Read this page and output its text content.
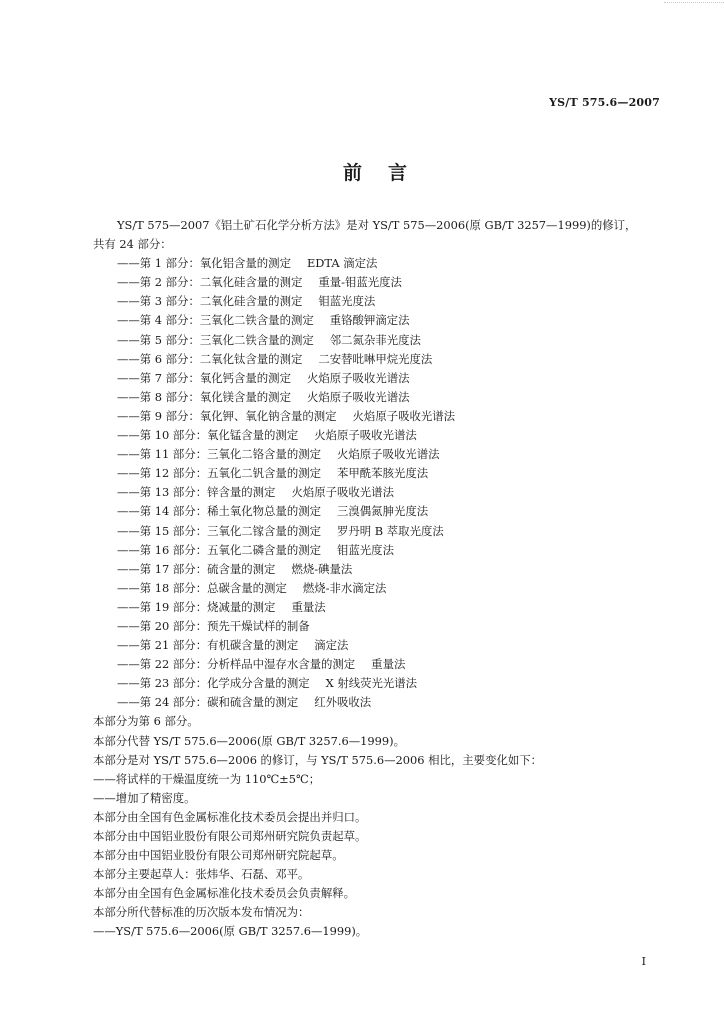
YS/T 575.6—2007
前言
YS/T 575—2007《铝土矿石化学分析方法》是对 YS/T 575—2006(原 GB/T 3257—1999)的修订，
共有 24 部分：
——第 1 部分：氧化铝含量的测定 EDTA 滴定法
——第 2 部分：二氧化硅含量的测定 重量-钼蓝光度法
——第 3 部分：二氧化硅含量的测定 钼蓝光度法
——第 4 部分：三氧化二铁含量的测定 重铬酸钾滴定法
——第 5 部分：三氧化二铁含量的测定 邻二氮杂菲光度法
——第 6 部分：二氧化钛含量的测定 二安替吡啉甲烷光度法
——第 7 部分：氧化钙含量的测定 火焰原子吸收光谱法
——第 8 部分：氧化镁含量的测定 火焰原子吸收光谱法
——第 9 部分：氧化钾、氧化钠含量的测定 火焰原子吸收光谱法
——第 10 部分：氧化锰含量的测定 火焰原子吸收光谱法
——第 11 部分：三氧化二铬含量的测定 火焰原子吸收光谱法
——第 12 部分：五氧化二钒含量的测定 苯甲酰苯胲光度法
——第 13 部分：锌含量的测定 火焰原子吸收光谱法
——第 14 部分：稀土氧化物总量的测定 三溴偶氮胂光度法
——第 15 部分：三氧化二镓含量的测定 罗丹明 B 萃取光度法
——第 16 部分：五氧化二磷含量的测定 钼蓝光度法
——第 17 部分：硫含量的测定 燃烧-碘量法
——第 18 部分：总碳含量的测定 燃烧-非水滴定法
——第 19 部分：烧减量的测定 重量法
——第 20 部分：预先干燥试样的制备
——第 21 部分：有机碳含量的测定 滴定法
——第 22 部分：分析样品中湿存水含量的测定 重量法
——第 23 部分：化学成分含量的测定 X 射线荧光光谱法
——第 24 部分：碳和硫含量的测定 红外吸收法
本部分为第 6 部分。
本部分代替 YS/T 575.6—2006(原 GB/T 3257.6—1999)。
本部分是对 YS/T 575.6—2006 的修订，与 YS/T 575.6—2006 相比，主要变化如下：
——将试样的干燥温度统一为 110℃±5℃；
——增加了精密度。
本部分由全国有色金属标准化技术委员会提出并归口。
本部分由中国铝业股份有限公司郑州研究院负责起草。
本部分由中国铝业股份有限公司郑州研究院起草。
本部分主要起草人：张炜华、石磊、邓平。
本部分由全国有色金属标准化技术委员会负责解释。
本部分所代替标准的历次版本发布情况为：
——YS/T 575.6—2006(原 GB/T 3257.6—1999)。
I
